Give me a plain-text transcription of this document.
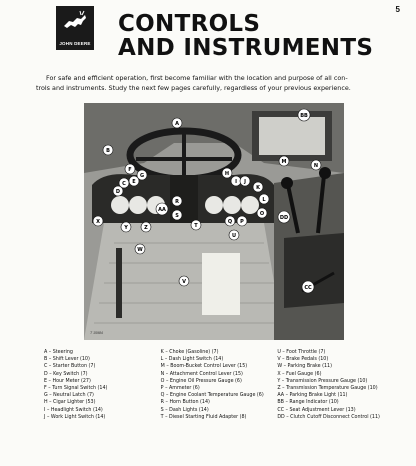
JOHN DEERE
CONTROLS
AND INSTRUMENTS
5
For safe and efficient operation, first become familiar with the location and purpose of all con-
trols and instruments. Study the next few pages carefully, regardless of your previous experience.
A
B
C
D
E
F
G	H
I J
K
L
M
N
O
P
Q
R
S
T
U
V
W
X
Y	Z
AA
BB
CC
DD
T 15984
A – Steering
B – Shift Lever (10)
C – Starter Button (7)
D – Key Switch (7)
E – Hour Meter (27)
F – Turn Signal Switch (14)
G – Neutral Latch (7)
H – Cigar Lighter (53)
I – Headlight Switch (14)
J – Work Light Switch (14)
K – Choke (Gasoline) (7)
L – Dash Light Switch (14)
M – Boom-Bucket Control Lever (15)
N – Attachment Control Lever (15)
O – Engine Oil Pressure Gauge (6)
P – Ammeter (6)
Q – Engine Coolant Temperature Gauge (6)
R – Horn Button (14)
S – Dash Lights (14)
T – Diesel Starting Fluid Adapter (8)
U – Foot Throttle (7)
V – Brake Pedals (10)
W – Parking Brake (11)
X – Fuel Gauge (6)
Y – Transmission Pressure Gauge (10)
Z – Transmission Temperature Gauge (10)
AA – Parking Brake Light (11)
BB – Range Indicator (10)
CC – Seat Adjustment Lever (13)
DD – Clutch Cutoff Disconnect Control (11)
